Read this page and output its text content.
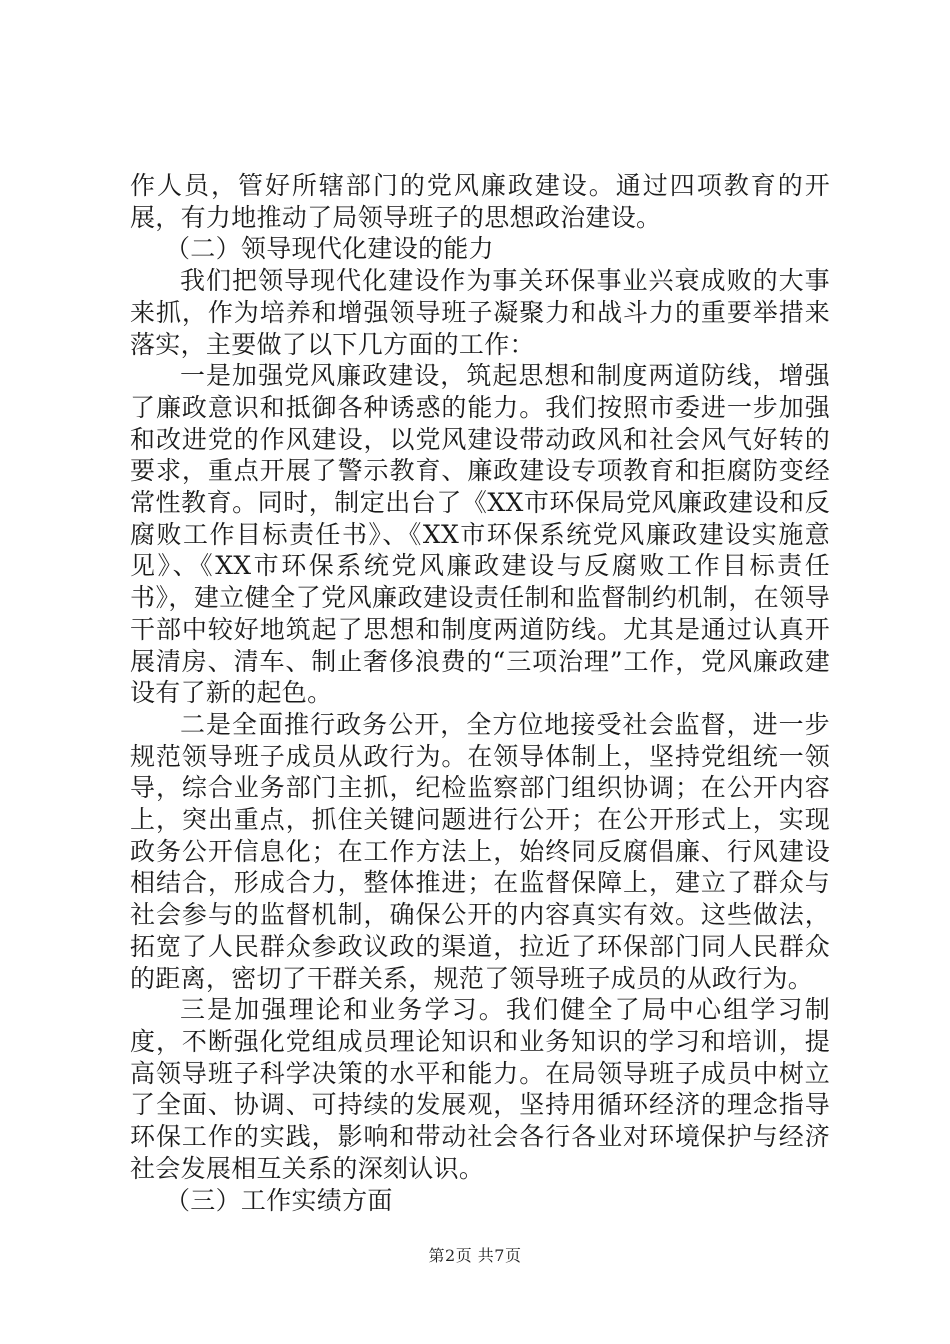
作人员，管好所辖部门的党风廉政建设。通过四项教育的开展，有力地推动了局领导班子的思想政治建设。

（二）领导现代化建设的能力

我们把领导现代化建设作为事关环保事业兴衰成败的大事来抓，作为培养和增强领导班子凝聚力和战斗力的重要举措来落实，主要做了以下几方面的工作：

一是加强党风廉政建设，筑起思想和制度两道防线，增强了廉政意识和抵御各种诱惑的能力。我们按照市委进一步加强和改进党的作风建设，以党风建设带动政风和社会风气好转的要求，重点开展了警示教育、廉政建设专项教育和拒腐防变经常性教育。同时，制定出台了《XX市环保局党风廉政建设和反腐败工作目标责任书》、《XX市环保系统党风廉政建设实施意见》、《XX市环保系统党风廉政建设与反腐败工作目标责任书》，建立健全了党风廉政建设责任制和监督制约机制，在领导干部中较好地筑起了思想和制度两道防线。尤其是通过认真开展清房、清车、制止奢侈浪费的“三项治理”工作，党风廉政建设有了新的起色。

二是全面推行政务公开，全方位地接受社会监督，进一步规范领导班子成员从政行为。在领导体制上，坚持党组统一领导，综合业务部门主抓，纪检监察部门组织协调；在公开内容上，突出重点，抓住关键问题进行公开；在公开形式上，实现政务公开信息化；在工作方法上，始终同反腐倡廉、行风建设相结合，形成合力，整体推进；在监督保障上，建立了群众与社会参与的监督机制，确保公开的内容真实有效。这些做法，拓宽了人民群众参政议政的渠道，拉近了环保部门同人民群众的距离，密切了干群关系，规范了领导班子成员的从政行为。

三是加强理论和业务学习。我们健全了局中心组学习制度，不断强化党组成员理论知识和业务知识的学习和培训，提高领导班子科学决策的水平和能力。在局领导班子成员中树立了全面、协调、可持续的发展观，坚持用循环经济的理念指导环保工作的实践，影响和带动社会各行各业对环境保护与经济社会发展相互关系的深刻认识。

（三）工作实绩方面

第2页 共7页
